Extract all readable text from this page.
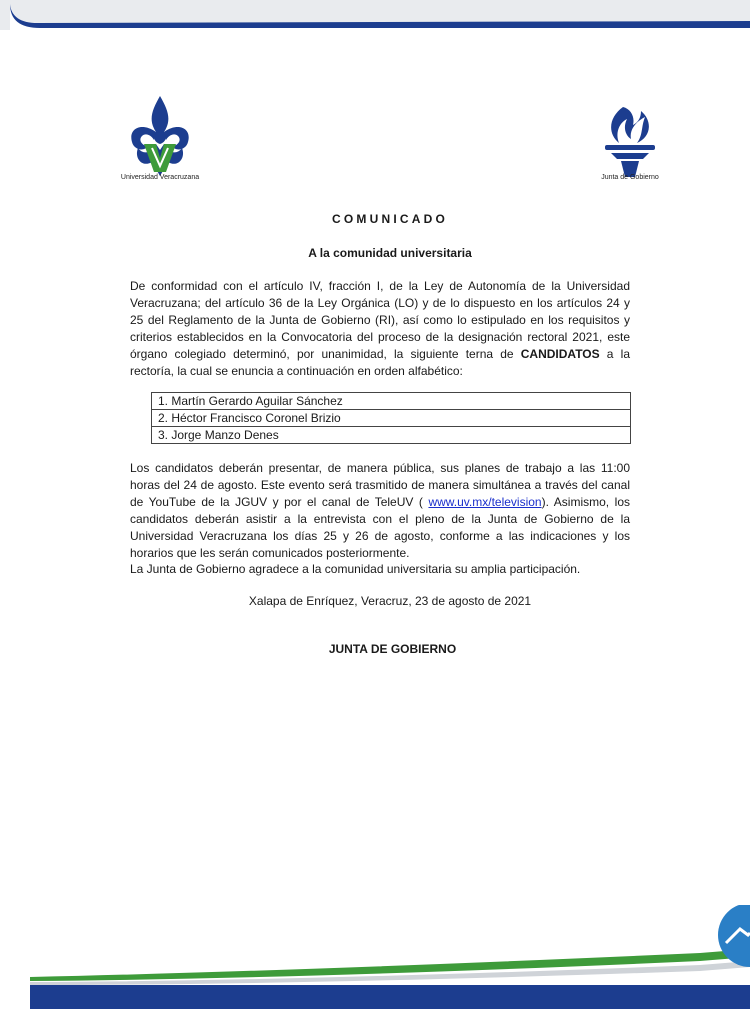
Universidad Veracruzana	Junta de Gobierno
COMUNICADO
A la comunidad universitaria
De conformidad con el artículo IV, fracción I, de la Ley de Autonomía de la Universidad Veracruzana; del artículo 36 de la Ley Orgánica (LO) y de lo dispuesto en los artículos 24 y 25 del Reglamento de la Junta de Gobierno (RI), así como lo estipulado en los requisitos y criterios establecidos en la Convocatoria del proceso de la designación rectoral 2021, este órgano colegiado determinó, por unanimidad, la siguiente terna de CANDIDATOS a la rectoría, la cual se enuncia a continuación en orden alfabético:
1. Martín Gerardo Aguilar Sánchez
2. Héctor Francisco Coronel Brizio
3. Jorge Manzo Denes
Los candidatos deberán presentar, de manera pública, sus planes de trabajo a las 11:00 horas del 24 de agosto. Este evento será trasmitido de manera simultánea a través del canal de YouTube de la JGUV y por el canal de TeleUV ( www.uv.mx/television). Asimismo, los candidatos deberán asistir a la entrevista con el pleno de la Junta de Gobierno de la Universidad Veracruzana los días 25 y 26 de agosto, conforme a las indicaciones y los horarios que les serán comunicados posteriormente.
La Junta de Gobierno agradece a la comunidad universitaria su amplia participación.
Xalapa de Enríquez, Veracruz, 23 de agosto de 2021
JUNTA DE GOBIERNO
